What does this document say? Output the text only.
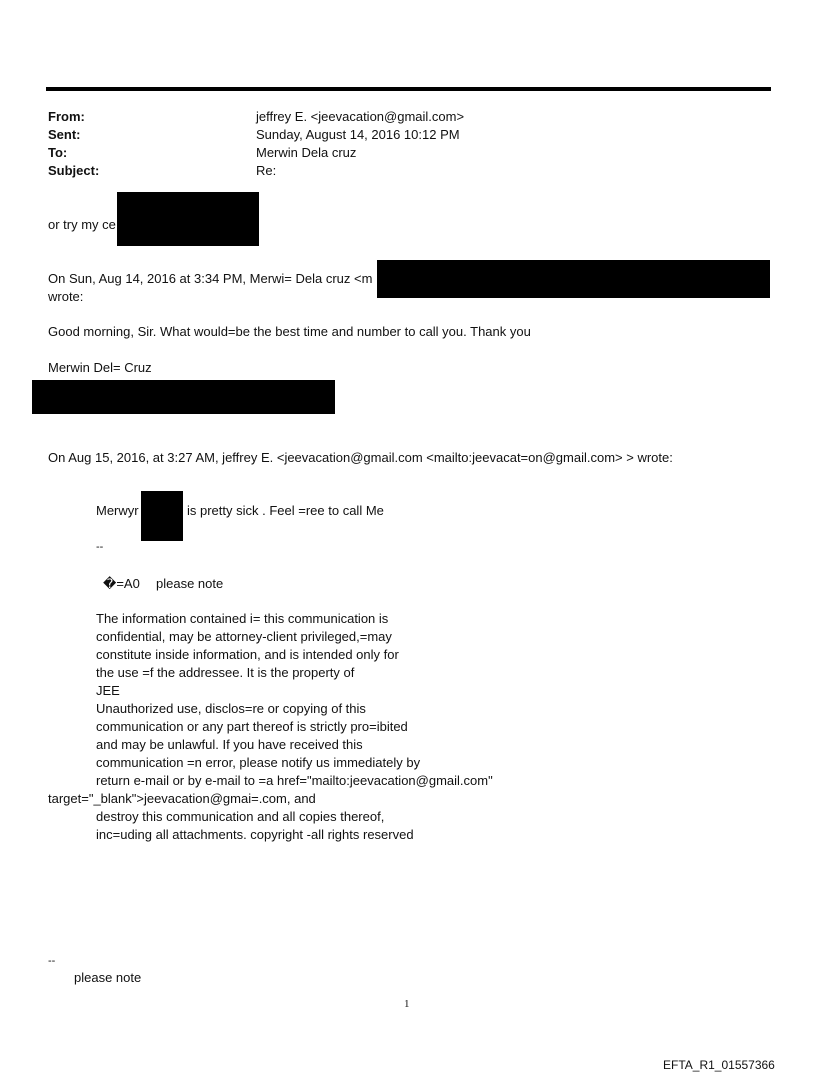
From:	jeffrey E. <jeevacation@gmail.com>
Sent:	Sunday, August 14, 2016 10:12 PM
To:	Merwin Dela cruz
Subject:	Re:
or try my ce
On Sun, Aug 14, 2016 at 3:34 PM, Merwi= Dela cruz <m
wrote:
Good morning, Sir. What would=be the best time and number to call you. Thank you
Merwin Del= Cruz
On Aug 15, 2016, at 3:27 AM, jeffrey E. <jeevacation@gmail.com <mailto:jeevacat=on@gmail.com> > wrote:
Merwyr	is pretty sick . Feel =ree to call Me
--
�=A0 please note
The information contained i= this communication is
confidential, may be attorney-client privileged,=may
constitute inside information, and is intended only for
the use =f the addressee. It is the property of
JEE
Unauthorized use, disclos=re or copying of this
communication or any part thereof is strictly pro=ibited
and may be unlawful. If you have received this
communication =n error, please notify us immediately by
return e-mail or by e-mail to =a href="mailto:jeevacation@gmail.com"
target="_blank">jeevacation@gmai=.com, and
destroy this communication and all copies thereof,
inc=uding all attachments. copyright -all rights reserved
--
please note
1
EFTA_R1_01557366
